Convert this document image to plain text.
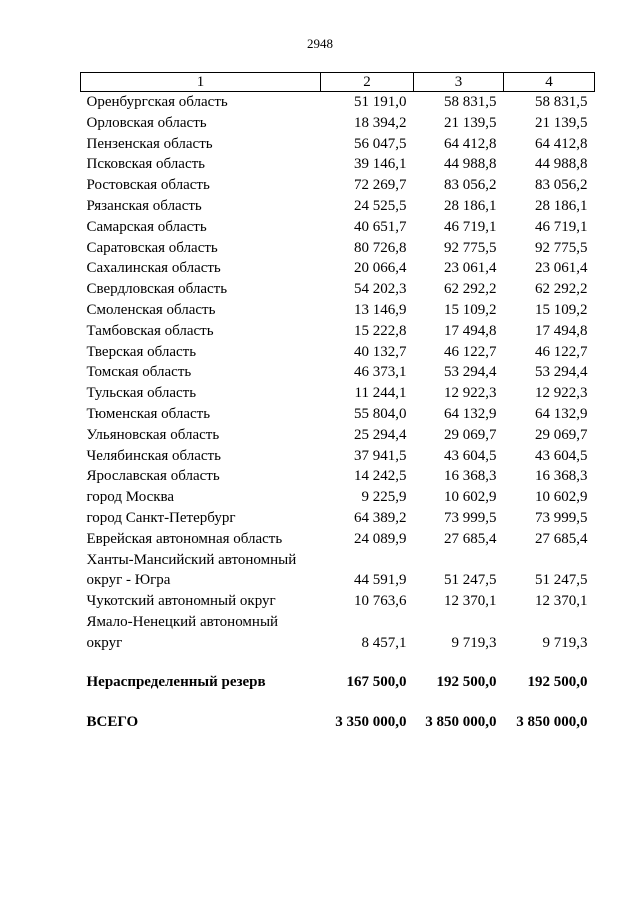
2948
1	2	3	4
Оренбургская область	51 191,0	58 831,5	58 831,5
Орловская область	18 394,2	21 139,5	21 139,5
Пензенская область	56 047,5	64 412,8	64 412,8
Псковская область	39 146,1	44 988,8	44 988,8
Ростовская область	72 269,7	83 056,2	83 056,2
Рязанская область	24 525,5	28 186,1	28 186,1
Самарская область	40 651,7	46 719,1	46 719,1
Саратовская область	80 726,8	92 775,5	92 775,5
Сахалинская область	20 066,4	23 061,4	23 061,4
Свердловская область	54 202,3	62 292,2	62 292,2
Смоленская область	13 146,9	15 109,2	15 109,2
Тамбовская область	15 222,8	17 494,8	17 494,8
Тверская область	40 132,7	46 122,7	46 122,7
Томская область	46 373,1	53 294,4	53 294,4
Тульская область	11 244,1	12 922,3	12 922,3
Тюменская область	55 804,0	64 132,9	64 132,9
Ульяновская область	25 294,4	29 069,7	29 069,7
Челябинская область	37 941,5	43 604,5	43 604,5
Ярославская область	14 242,5	16 368,3	16 368,3
город Москва	9 225,9	10 602,9	10 602,9
город Санкт-Петербург	64 389,2	73 999,5	73 999,5
Еврейская автономная область	24 089,9	27 685,4	27 685,4
Ханты-Мансийский автономный			
округ - Югра	44 591,9	51 247,5	51 247,5
Чукотский автономный округ	10 763,6	12 370,1	12 370,1
Ямало-Ненецкий автономный			
округ	8 457,1	9 719,3	9 719,3

Нераспределенный резерв	167 500,0	192 500,0	192 500,0

ВСЕГО	3 350 000,0	3 850 000,0	3 850 000,0
